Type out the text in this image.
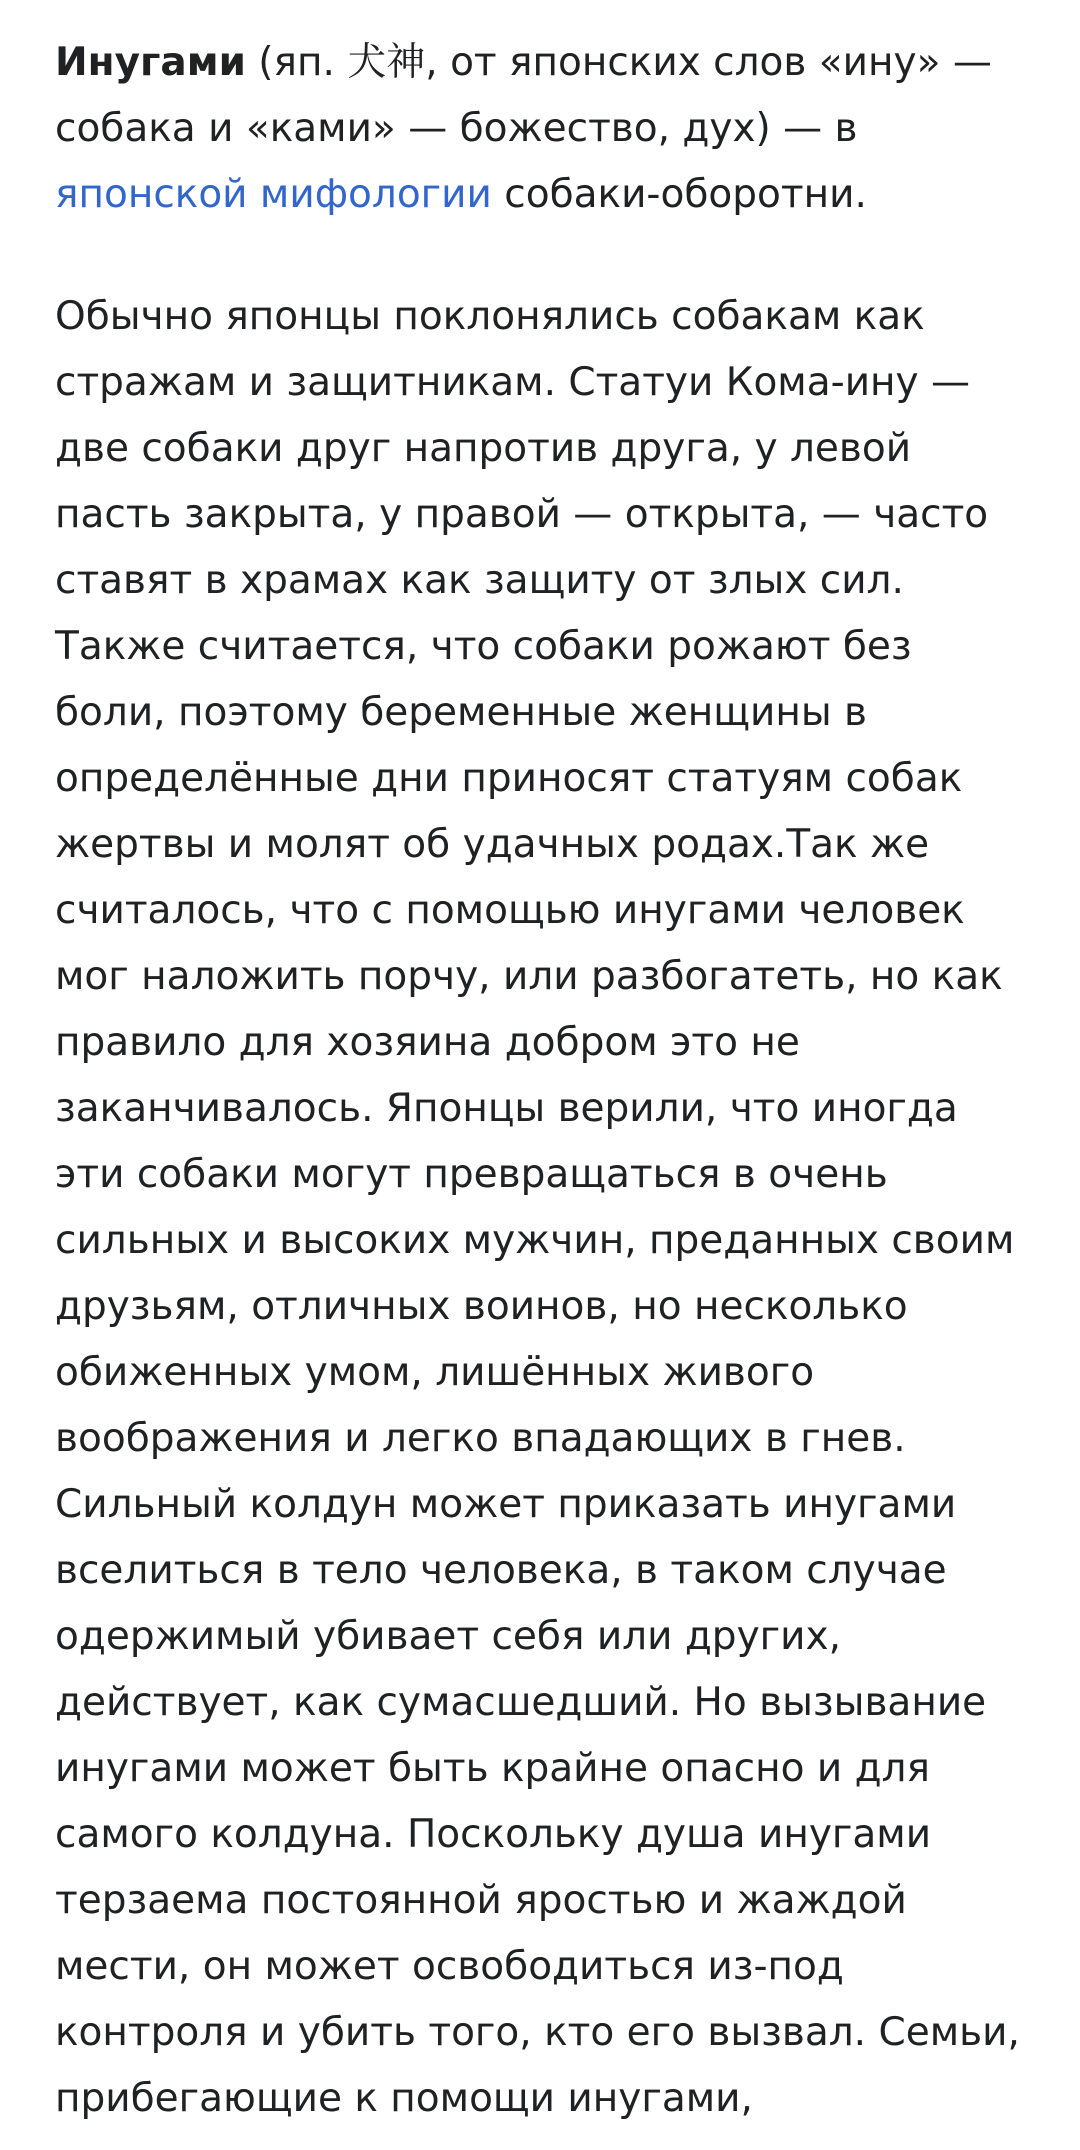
Инугами (яп. 犬神, от японских слов «ину» — собака и «ками» — божество, дух) — в японской мифологии собаки-оборотни.

Обычно японцы поклонялись собакам как стражам и защитникам. Статуи Кома-ину — две собаки друг напротив друга, у левой пасть закрыта, у правой — открыта, — часто ставят в храмах как защиту от злых сил. Также считается, что собаки рожают без боли, поэтому беременные женщины в определённые дни приносят статуям собак жертвы и молят об удачных родах.Так же считалось, что с помощью инугами человек мог наложить порчу, или разбогатеть, но как правило для хозяина добром это не заканчивалось. Японцы верили, что иногда эти собаки могут превращаться в очень сильных и высоких мужчин, преданных своим друзьям, отличных воинов, но несколько обиженных умом, лишённых живого воображения и легко впадающих в гнев. Сильный колдун может приказать инугами вселиться в тело человека, в таком случае одержимый убивает себя или других, действует, как сумасшедший. Но вызывание инугами может быть крайне опасно и для самого колдуна. Поскольку душа инугами терзаема постоянной яростью и жаждой мести, он может освободиться из-под контроля и убить того, кто его вызвал. Семьи, прибегающие к помощи инугами,
